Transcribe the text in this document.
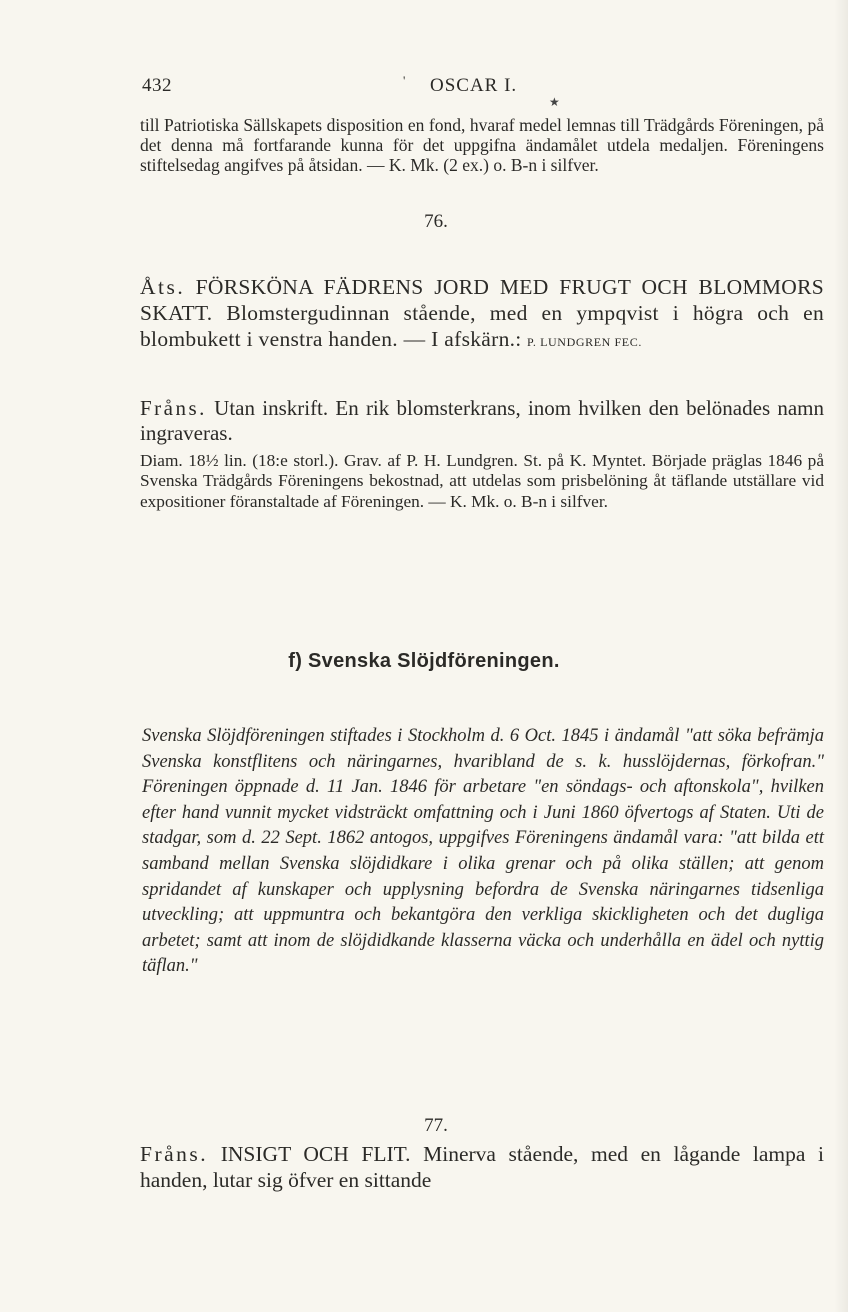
432	' OSCAR I.
★

till Patriotiska Sällskapets disposition en fond, hvaraf medel lemnas till Trädgårds Föreningen, på det denna må fortfarande kunna för det uppgifna ändamålet utdela medaljen. Föreningens stiftelsedag angifves på åtsidan. — K. Mk. (2 ex.) o. B-n i silfver.

76.

Åts. FÖRSKÖNA FÄDRENS JORD MED FRUGT OCH BLOMMORS SKATT. Blomstergudinnan stående, med en ympqvist i högra och en blombukett i venstra handen. — I afskärn.: P. LUNDGREN FEC.

Fråns. Utan inskrift. En rik blomsterkrans, inom hvilken den belönades namn ingraveras.

Diam. 18½ lin. (18:e storl.). Grav. af P. H. Lundgren. St. på K. Myntet. Började präglas 1846 på Svenska Trädgårds Föreningens bekostnad, att utdelas som prisbelöning åt täflande utställare vid expositioner föranstaltade af Föreningen. — K. Mk. o. B-n i silfver.

f) Svenska Slöjdföreningen.

Svenska Slöjdföreningen stiftades i Stockholm d. 6 Oct. 1845 i ändamål "att söka befrämja Svenska konstflitens och näringarnes, hvaribland de s. k. husslöjdernas, förkofran." Föreningen öppnade d. 11 Jan. 1846 för arbetare "en söndags- och aftonskola", hvilken efter hand vunnit mycket vidsträckt omfattning och i Juni 1860 öfvertogs af Staten. Uti de stadgar, som d. 22 Sept. 1862 antogos, uppgifves Föreningens ändamål vara: "att bilda ett samband mellan Svenska slöjdidkare i olika grenar och på olika ställen; att genom spridandet af kunskaper och upplysning befordra de Svenska näringarnes tidsenliga utveckling; att uppmuntra och bekantgöra den verkliga skickligheten och det dugliga arbetet; samt att inom de slöjdidkande klasserna väcka och underhålla en ädel och nyttig täflan."

77.

Fråns. INSIGT OCH FLIT. Minerva stående, med en lågande lampa i handen, lutar sig öfver en sittande
